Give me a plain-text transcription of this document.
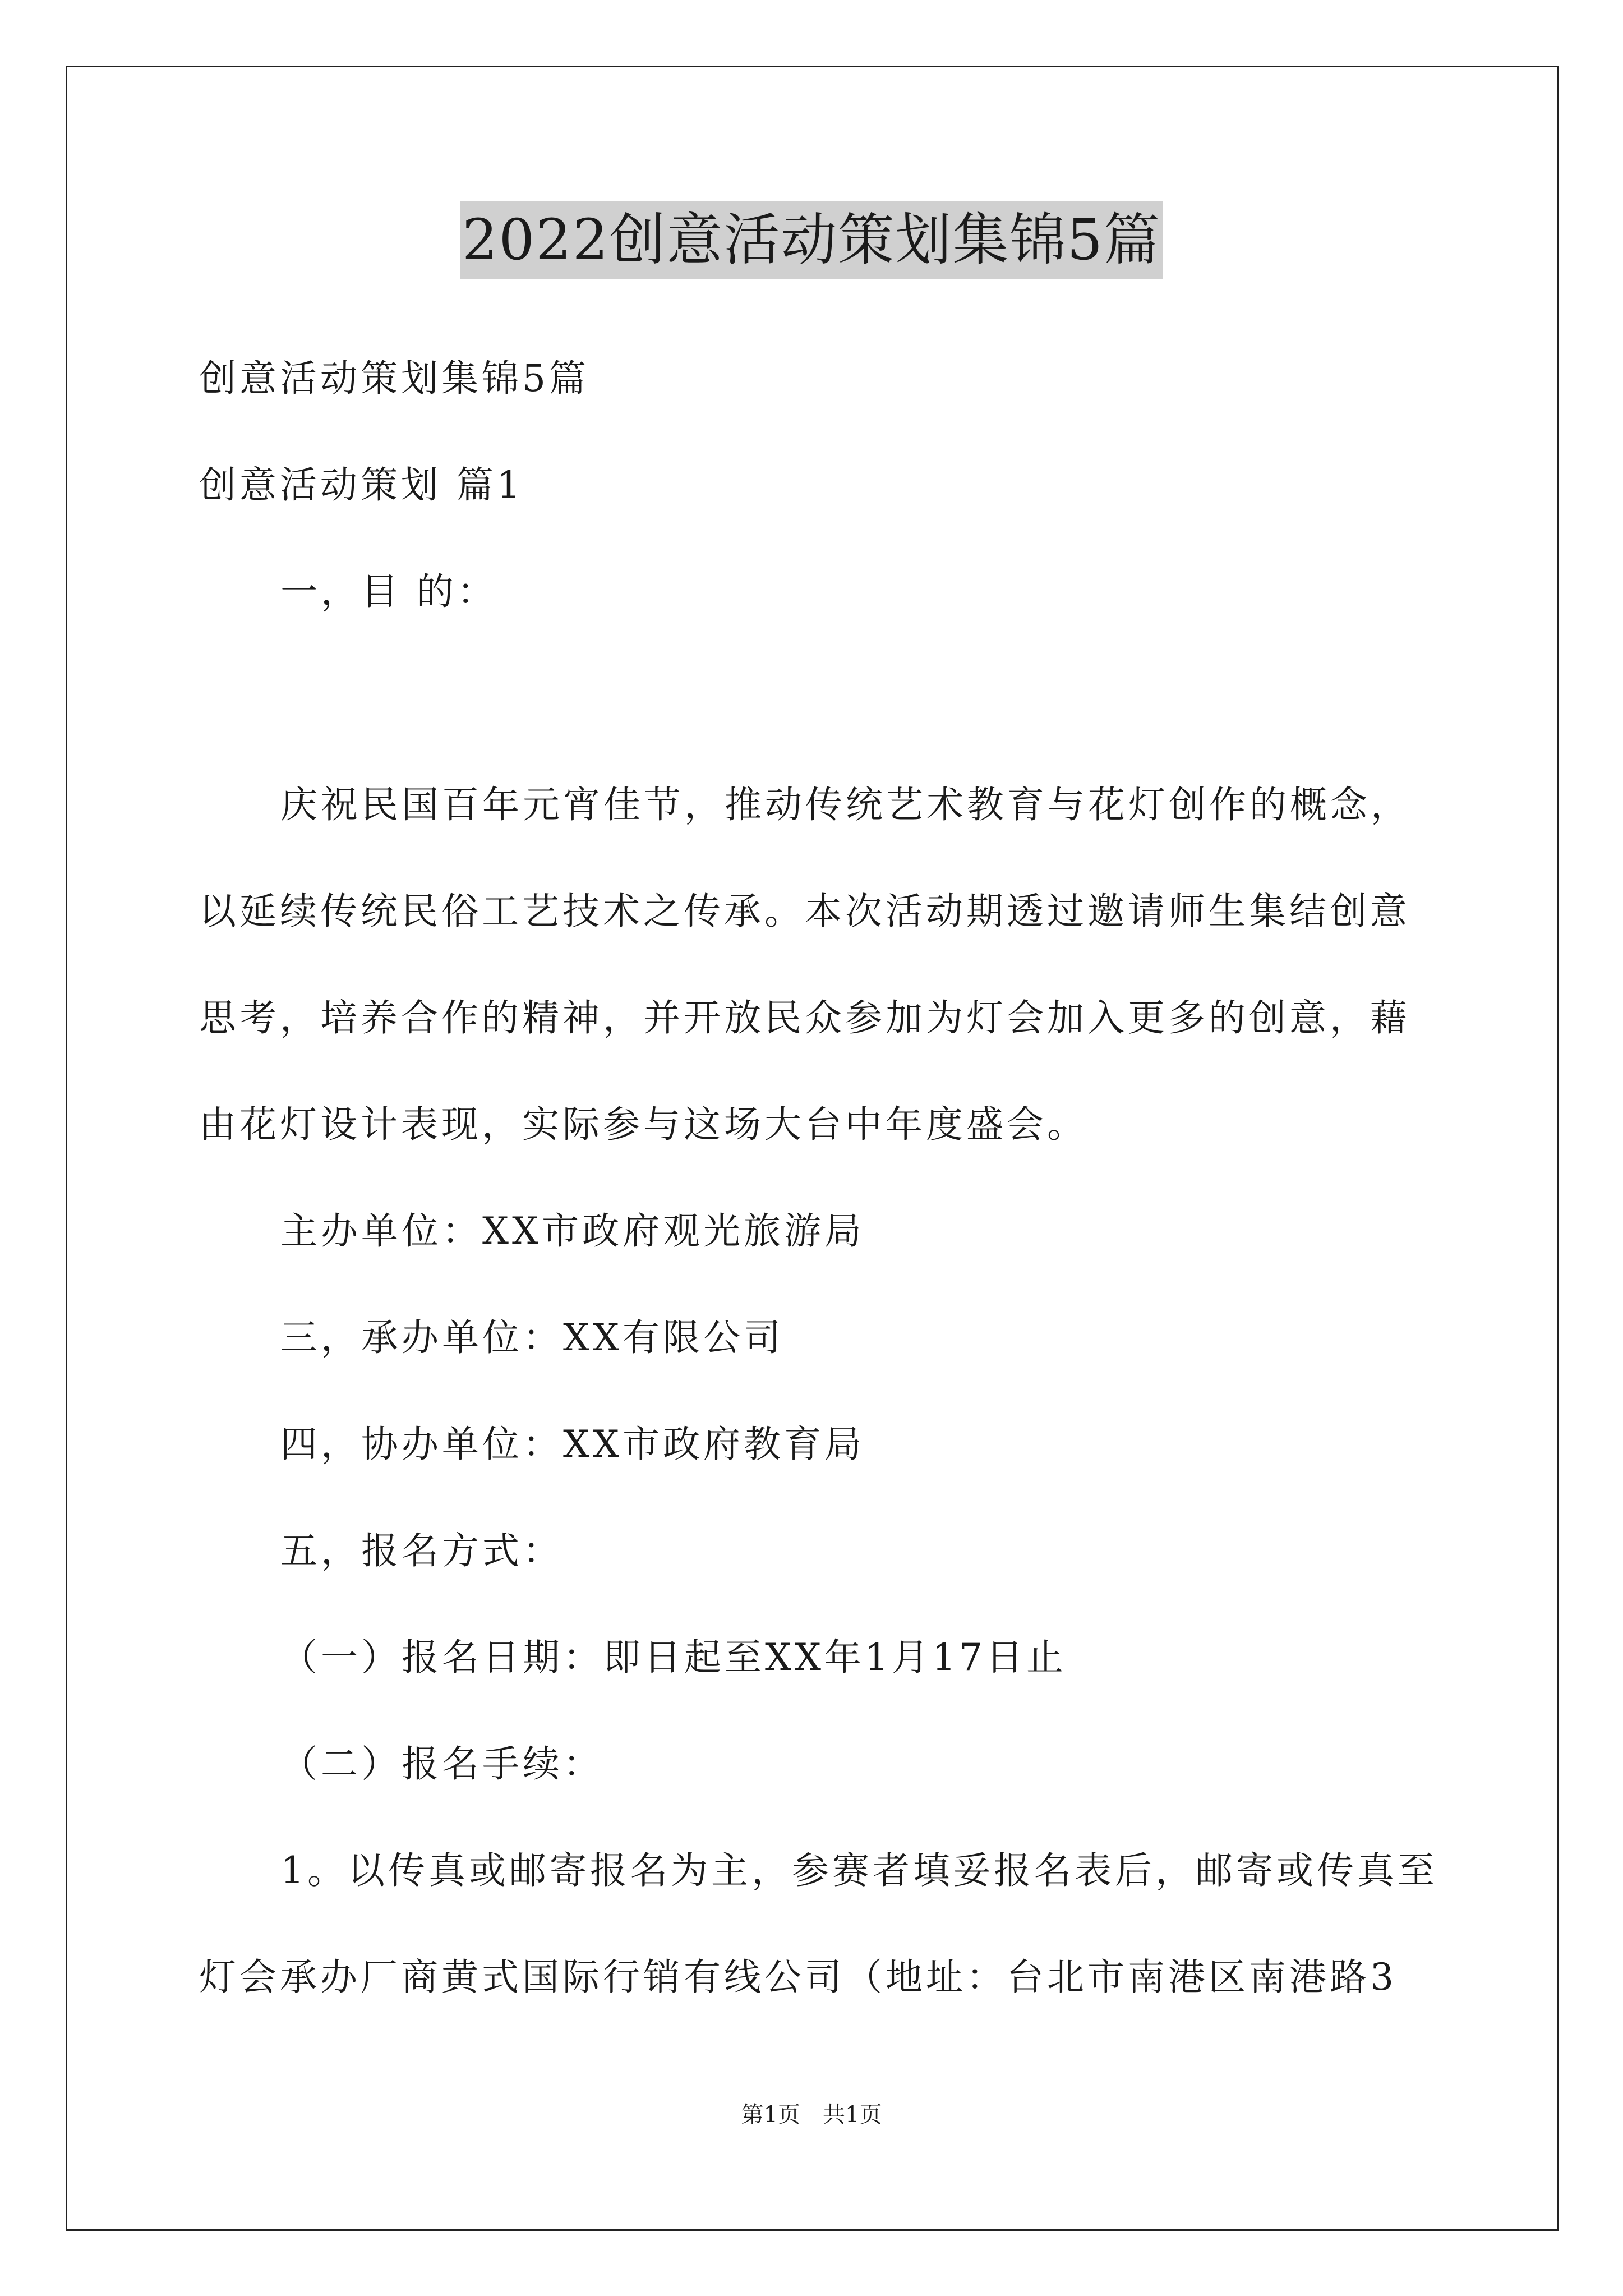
2022创意活动策划集锦5篇
创意活动策划集锦5篇
创意活动策划 篇1
一，目 的：
庆祝民国百年元宵佳节，推动传统艺术教育与花灯创作的概念，
以延续传统民俗工艺技术之传承。本次活动期透过邀请师生集结创意
思考，培养合作的精神，并开放民众参加为灯会加入更多的创意，藉
由花灯设计表现，实际参与这场大台中年度盛会。
主办单位：XX市政府观光旅游局
三，承办单位：XX有限公司
四，协办单位：XX市政府教育局
五，报名方式：
（一）报名日期：即日起至XX年1月17日止
（二）报名手续：
1。以传真或邮寄报名为主，参赛者填妥报名表后，邮寄或传真至
灯会承办厂商黄式国际行销有线公司（地址：台北市南港区南港路3
第1页　共1页
